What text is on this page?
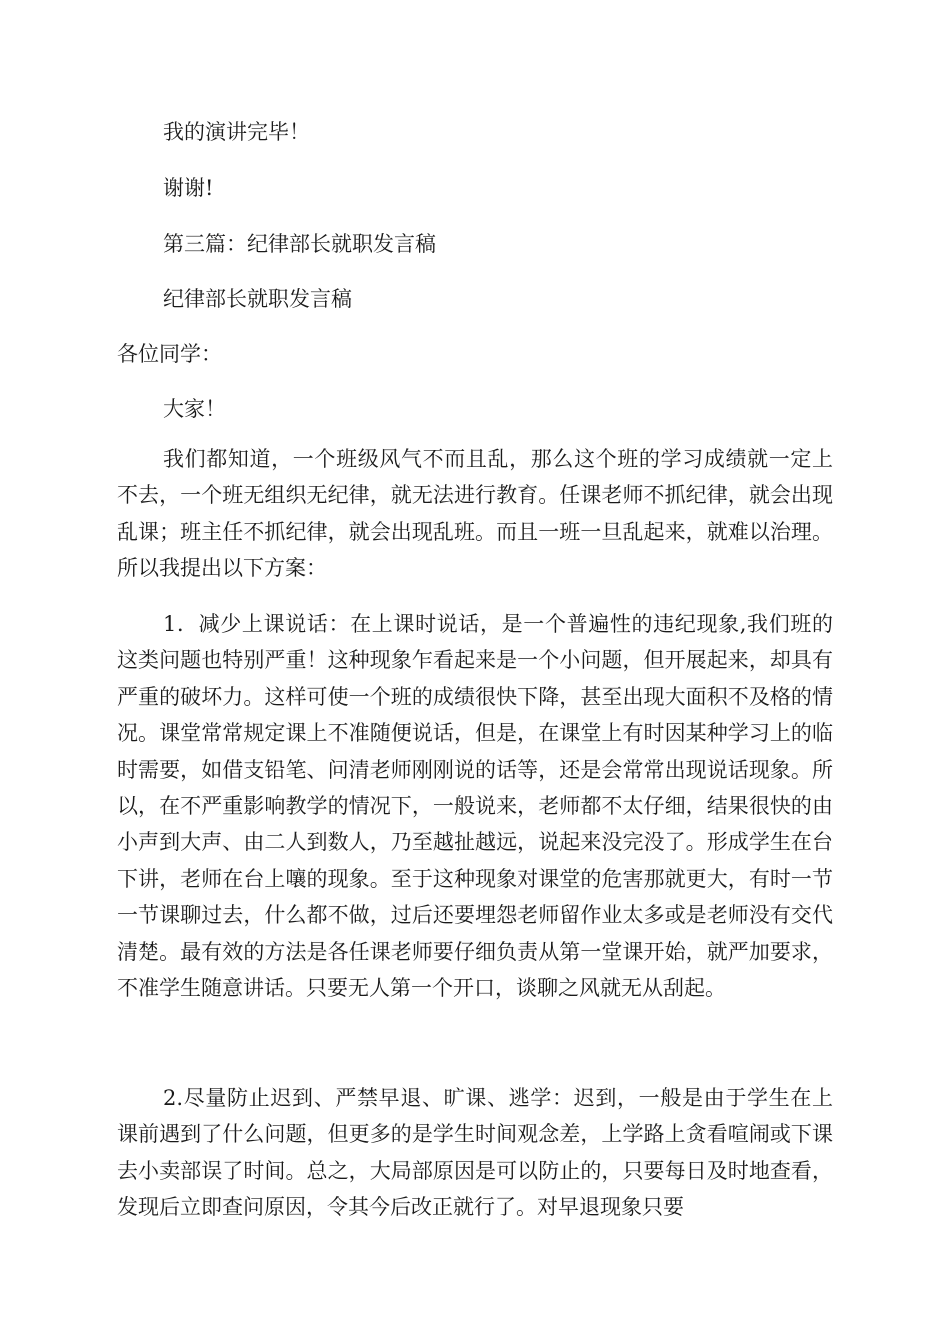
我的演讲完毕！

谢谢!

第三篇：纪律部长就职发言稿

纪律部长就职发言稿

各位同学：

大家！

我们都知道，一个班级风气不而且乱，那么这个班的学习成绩就一定上不去，一个班无组织无纪律，就无法进行教育。任课老师不抓纪律，就会出现乱课；班主任不抓纪律，就会出现乱班。而且一班一旦乱起来，就难以治理。所以我提出以下方案：

1．减少上课说话：在上课时说话，是一个普遍性的违纪现象,我们班的这类问题也特别严重！这种现象乍看起来是一个小问题，但开展起来，却具有严重的破坏力。这样可使一个班的成绩很快下降，甚至出现大面积不及格的情况。课堂常常规定课上不准随便说话，但是，在课堂上有时因某种学习上的临时需要，如借支铅笔、问清老师刚刚说的话等，还是会常常出现说话现象。所以，在不严重影响教学的情况下，一般说来，老师都不太仔细，结果很快的由小声到大声、由二人到数人，乃至越扯越远，说起来没完没了。形成学生在台下讲，老师在台上嚷的现象。至于这种现象对课堂的危害那就更大，有时一节一节课聊过去，什么都不做，过后还要埋怨老师留作业太多或是老师没有交代清楚。最有效的方法是各任课老师要仔细负责从第一堂课开始，就严加要求，不准学生随意讲话。只要无人第一个开口，谈聊之风就无从刮起。

2.尽量防止迟到、严禁早退、旷课、逃学：迟到，一般是由于学生在上课前遇到了什么问题，但更多的是学生时间观念差，上学路上贪看喧闹或下课去小卖部误了时间。总之，大局部原因是可以防止的，只要每日及时地查看，发现后立即查问原因，令其今后改正就行了。对早退现象只要
